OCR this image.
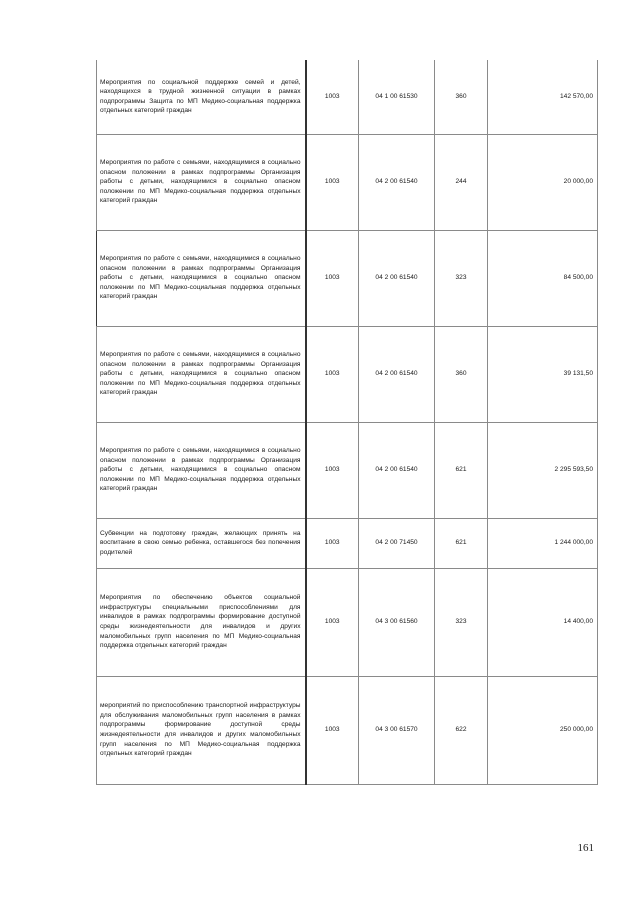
Мероприятия по социальной поддержке семей и детей, находящихся в трудной жизненной ситуации в рамках подпрограммы Защита по МП Медико-социальная поддержка отдельных категорий граждан	1003	04 1 00 61530	360	142 570,00
Мероприятия по работе с семьями, находящимися в социально опасном положении в рамках подпрограммы Организация работы с детьми, находящимися в социально опасном положении по МП Медико-социальная поддержка отдельных категорий граждан	1003	04 2 00 61540	244	20 000,00
Мероприятия по работе с семьями, находящимися в социально опасном положении в рамках подпрограммы Организация работы с детьми, находящимися в социально опасном положении по МП Медико-социальная поддержка отдельных категорий граждан	1003	04 2 00 61540	323	84 500,00
Мероприятия по работе с семьями, находящимися в социально опасном положении в рамках подпрограммы Организация работы с детьми, находящимися в социально опасном положении по МП Медико-социальная поддержка отдельных категорий граждан	1003	04 2 00 61540	360	39 131,50
Мероприятия по работе с семьями, находящимися в социально опасном положении в рамках подпрограммы Организация работы с детьми, находящимися в социально опасном положении по МП Медико-социальная поддержка отдельных категорий граждан	1003	04 2 00 61540	621	2 295 593,50
Субвенции на подготовку граждан, желающих принять на воспитание в свою семью ребенка, оставшегося без попечения родителей	1003	04 2 00 71450	621	1 244 000,00
Мероприятия по обеспечению объектов социальной инфраструктуры специальными приспособлениями для инвалидов в рамках подпрограммы формирование доступной среды жизнедеятельности для инвалидов и других маломобильных групп населения по МП Медико-социальная поддержка отдельных категорий граждан	1003	04 3 00 61560	323	14 400,00
мероприятий по приспособлению транспортной инфраструктуры для обслуживания маломобильных групп населения в рамках подпрограммы формирование доступной среды жизнедеятельности для инвалидов и других маломобильных групп населения по МП Медико-социальная поддержка отдельных категорий граждан	1003	04 3 00 61570	622	250 000,00
161
